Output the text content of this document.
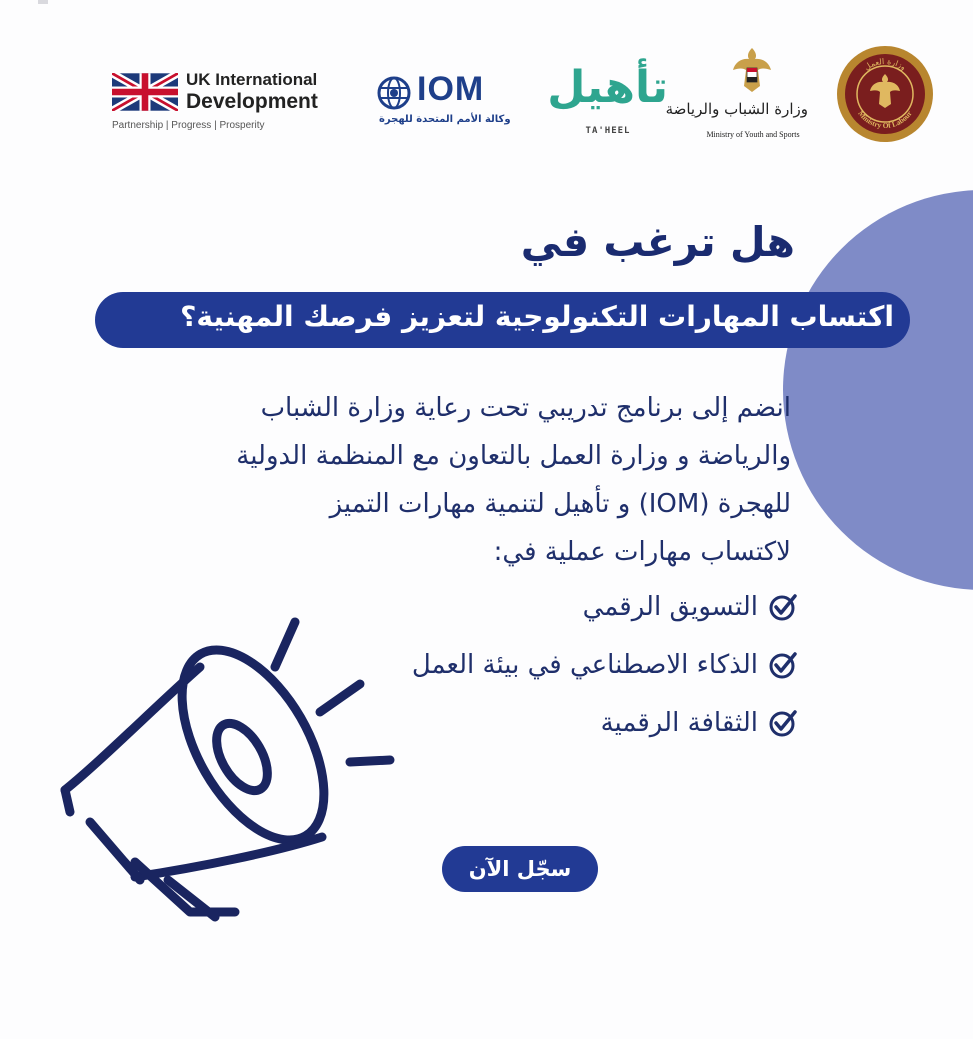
UK International
Development
Partnership | Progress | Prosperity
IOM
وكالة الأمم المتحدة للهجرة
تأهيل
TA'HEEL
وزارة الشباب والرياضة
Ministry of Youth and Sports
وزارة العمل
Ministry Of Labour
هل ترغب في
اكتساب المهارات التكنولوجية لتعزيز فرصك المهنية؟
انضم إلى برنامج تدريبي تحت رعاية وزارة الشباب
والرياضة و وزارة العمل بالتعاون مع المنظمة الدولية
للهجرة (IOM) و تأهيل لتنمية مهارات التميز
لاكتساب مهارات عملية في:
التسويق الرقمي
الذكاء الاصطناعي في بيئة العمل
الثقافة الرقمية
سجّل الآن
